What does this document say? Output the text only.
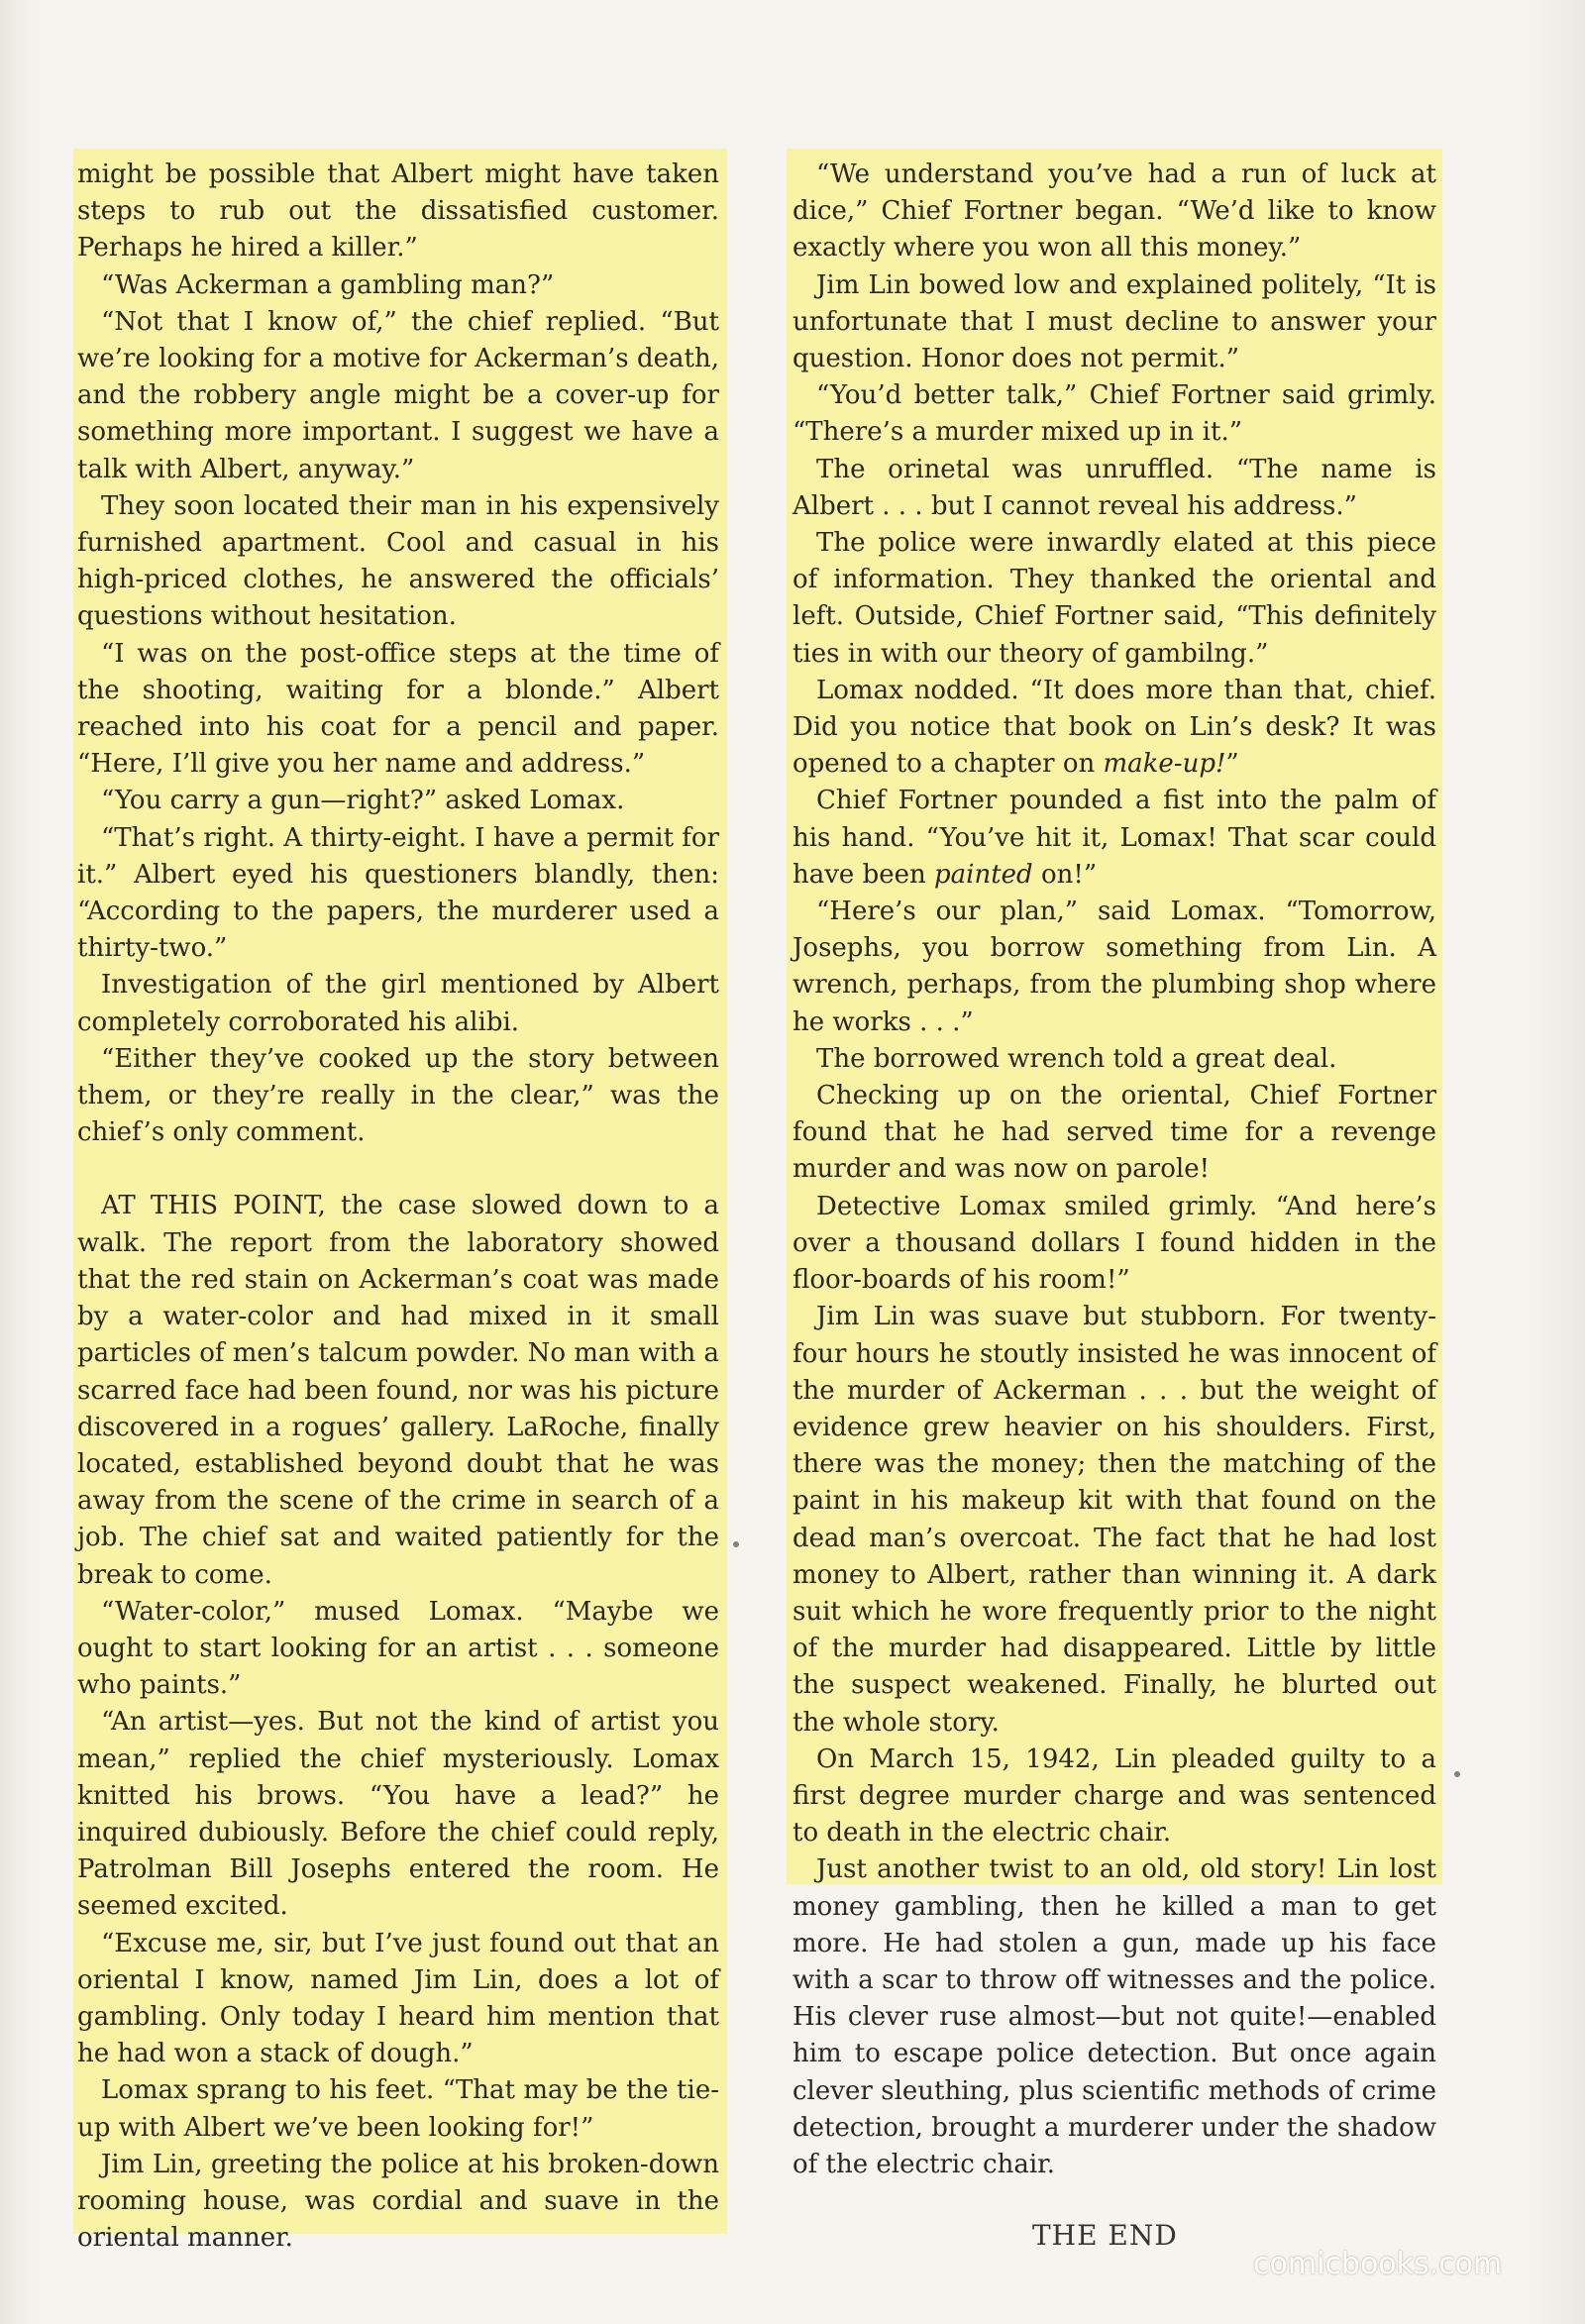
might be possible that Albert might have taken steps to rub out the dissatisfied customer. Perhaps he hired a killer.”

“Was Ackerman a gambling man?”

“Not that I know of,” the chief replied. “But we’re looking for a motive for Ackerman’s death, and the robbery angle might be a cover-up for something more important. I suggest we have a talk with Albert, anyway.”

They soon located their man in his expensively furnished apartment. Cool and casual in his high-priced clothes, he answered the officials’ questions without hesitation.

“I was on the post-office steps at the time of the shooting, waiting for a blonde.” Albert reached into his coat for a pencil and paper. “Here, I’ll give you her name and address.”

“You carry a gun—right?” asked Lomax.

“That’s right. A thirty-eight. I have a permit for it.” Albert eyed his questioners blandly, then: “According to the papers, the murderer used a thirty-two.”

Investigation of the girl mentioned by Albert completely corroborated his alibi.

“Either they’ve cooked up the story between them, or they’re really in the clear,” was the chief’s only comment.

AT THIS POINT, the case slowed down to a walk. The report from the laboratory showed that the red stain on Ackerman’s coat was made by a water-color and had mixed in it small particles of men’s talcum powder. No man with a scarred face had been found, nor was his picture discovered in a rogues’ gallery. LaRoche, finally located, established beyond doubt that he was away from the scene of the crime in search of a job. The chief sat and waited patiently for the break to come.

“Water-color,” mused Lomax. “Maybe we ought to start looking for an artist . . . someone who paints.”

“An artist—yes. But not the kind of artist you mean,” replied the chief mysteriously. Lomax knitted his brows. “You have a lead?” he inquired dubiously. Before the chief could reply, Patrolman Bill Josephs entered the room. He seemed excited.

“Excuse me, sir, but I’ve just found out that an oriental I know, named Jim Lin, does a lot of gambling. Only today I heard him mention that he had won a stack of dough.”

Lomax sprang to his feet. “That may be the tie-up with Albert we’ve been looking for!”

Jim Lin, greeting the police at his broken-down rooming house, was cordial and suave in the oriental manner.

“We understand you’ve had a run of luck at dice,” Chief Fortner began. “We’d like to know exactly where you won all this money.”

Jim Lin bowed low and explained politely, “It is unfortunate that I must decline to answer your question. Honor does not permit.”

“You’d better talk,” Chief Fortner said grimly. “There’s a murder mixed up in it.”

The orinetal was unruffled. “The name is Albert . . . but I cannot reveal his address.”

The police were inwardly elated at this piece of information. They thanked the oriental and left. Outside, Chief Fortner said, “This definitely ties in with our theory of gambilng.”

Lomax nodded. “It does more than that, chief. Did you notice that book on Lin’s desk? It was opened to a chapter on make-up!”

Chief Fortner pounded a fist into the palm of his hand. “You’ve hit it, Lomax! That scar could have been painted on!”

“Here’s our plan,” said Lomax. “Tomorrow, Josephs, you borrow something from Lin. A wrench, perhaps, from the plumbing shop where he works . . .”

The borrowed wrench told a great deal.

Checking up on the oriental, Chief Fortner found that he had served time for a revenge murder and was now on parole!

Detective Lomax smiled grimly. “And here’s over a thousand dollars I found hidden in the floor-boards of his room!”

Jim Lin was suave but stubborn. For twenty-four hours he stoutly insisted he was innocent of the murder of Ackerman . . . but the weight of evidence grew heavier on his shoulders. First, there was the money; then the matching of the paint in his makeup kit with that found on the dead man’s overcoat. The fact that he had lost money to Albert, rather than winning it. A dark suit which he wore frequently prior to the night of the murder had disappeared. Little by little the suspect weakened. Finally, he blurted out the whole story.

On March 15, 1942, Lin pleaded guilty to a first degree murder charge and was sentenced to death in the electric chair.

Just another twist to an old, old story! Lin lost money gambling, then he killed a man to get more. He had stolen a gun, made up his face with a scar to throw off witnesses and the police. His clever ruse almost—but not quite!—enabled him to escape police detection. But once again clever sleuthing, plus scientific methods of crime detection, brought a murderer under the shadow of the electric chair.

THE END
comicbooks.com
